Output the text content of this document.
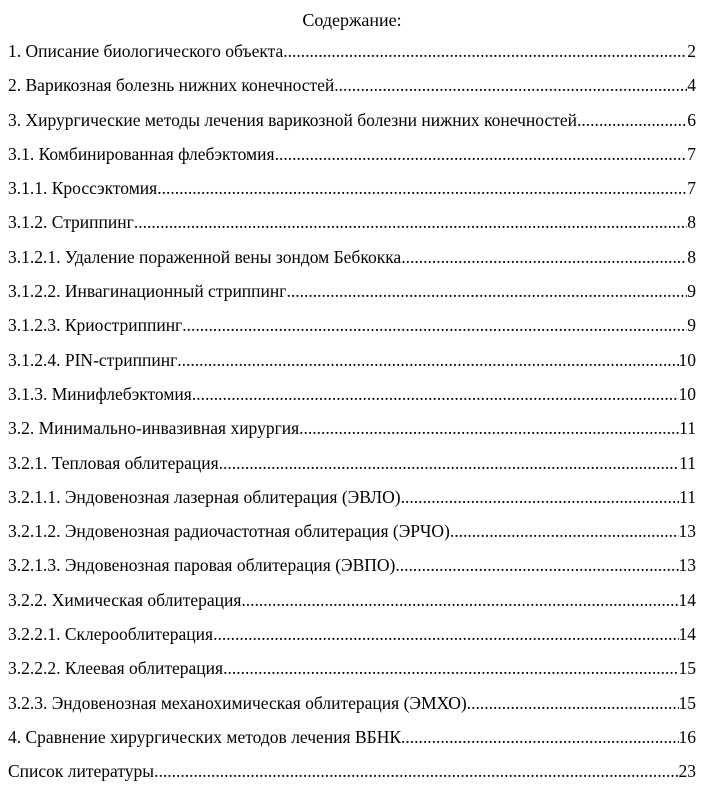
Содержание:
1. Описание биологического объекта .....	2
2. Варикозная болезнь нижних конечностей .....	4
3. Хирургические методы лечения варикозной болезни нижних конечностей .....	6
3.1. Комбинированная флебэктомия .....	7
3.1.1. Кроссэктомия .....	7
3.1.2. Стриппинг .....	8
3.1.2.1. Удаление пораженной вены зондом Бебкокка .....	8
3.1.2.2. Инвагинационный стриппинг .....	9
3.1.2.3. Криостриппинг .....	9
3.1.2.4. PIN-стриппинг .....	10
3.1.3. Минифлебэктомия .....	10
3.2. Минимально-инвазивная хирургия .....	11
3.2.1. Тепловая облитерация .....	11
3.2.1.1. Эндовенозная лазерная облитерация (ЭВЛО) .....	11
3.2.1.2. Эндовенозная радиочастотная облитерация (ЭРЧО) .....	13
3.2.1.3. Эндовенозная паровая облитерация (ЭВПО) .....	13
3.2.2. Химическая облитерация .....	14
3.2.2.1. Склерооблитерация .....	14
3.2.2.2. Клеевая облитерация .....	15
3.2.3. Эндовенозная механохимическая облитерация (ЭМХО) .....	15
4. Сравнение хирургических методов лечения ВБНК .....	16
Список литературы .....	23
